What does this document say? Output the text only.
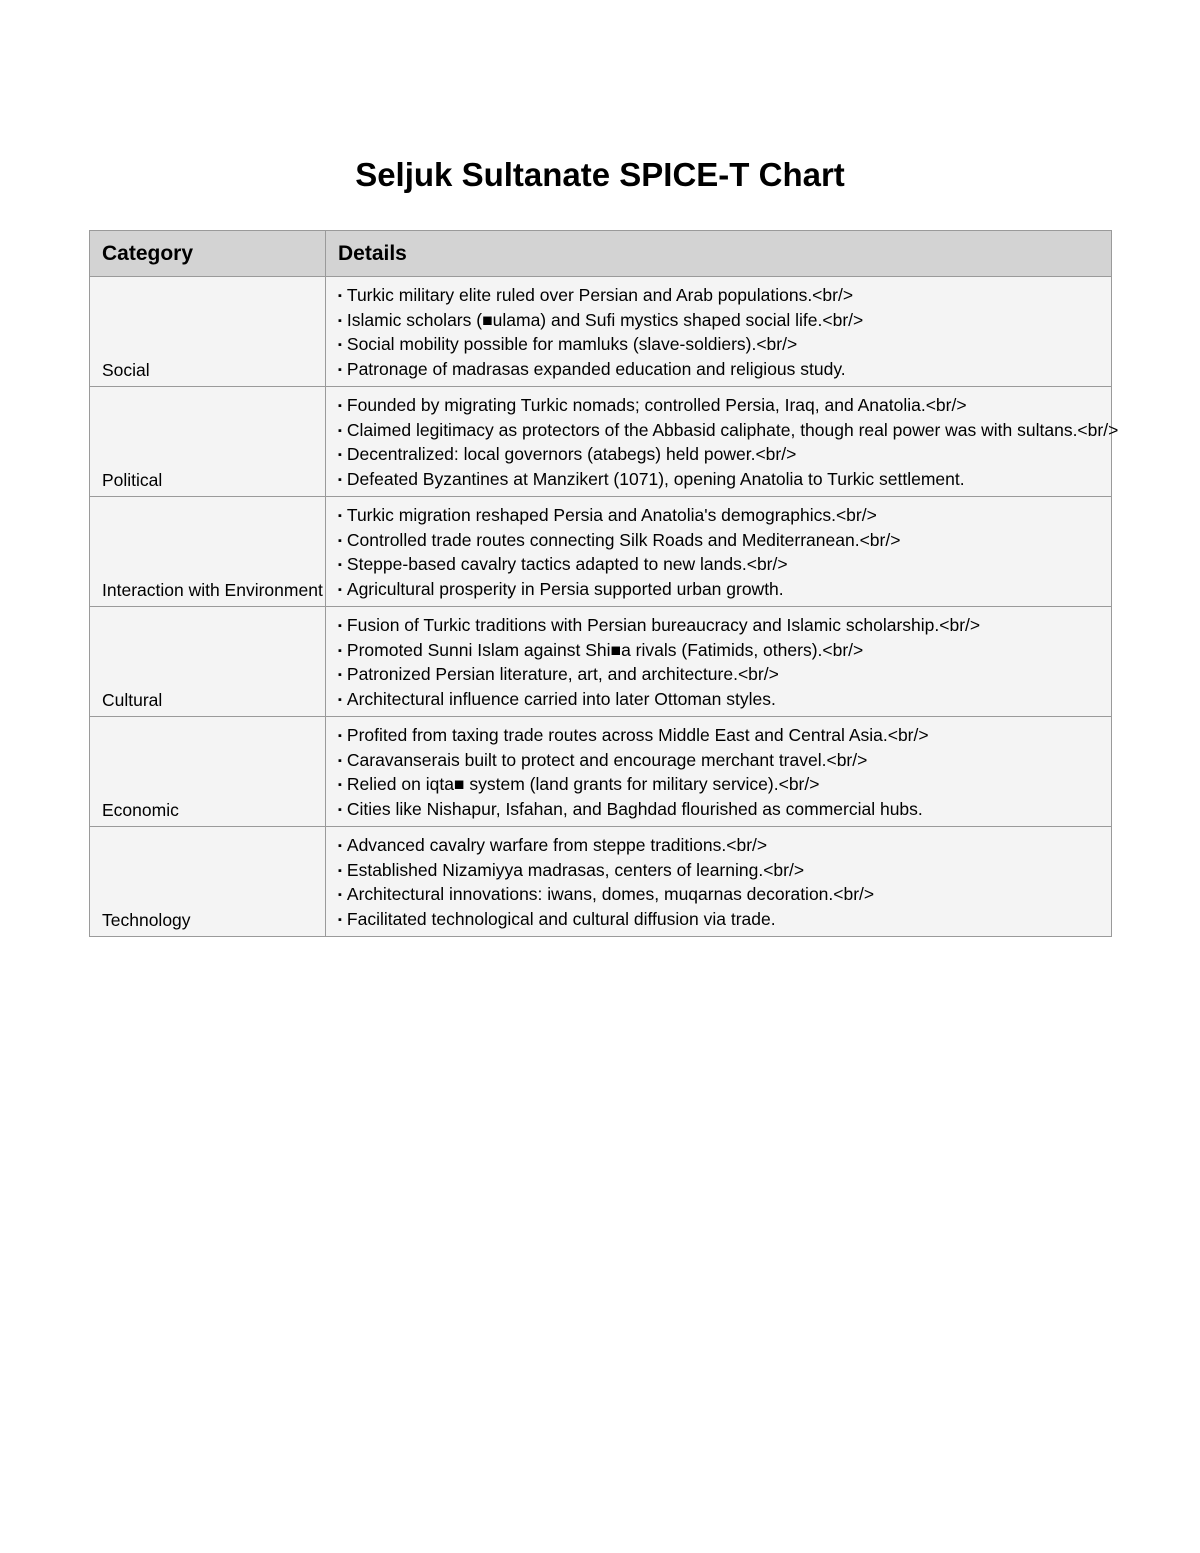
Seljuk Sultanate SPICE-T Chart
Category	Details
Social	▪ Turkic military elite ruled over Persian and Arab populations.<br/>
▪ Islamic scholars (■ulama) and Sufi mystics shaped social life.<br/>
▪ Social mobility possible for mamluks (slave-soldiers).<br/>
▪ Patronage of madrasas expanded education and religious study.

Political	▪ Founded by migrating Turkic nomads; controlled Persia, Iraq, and Anatolia.<br/>
▪ Claimed legitimacy as protectors of the Abbasid caliphate, though real power was with sultans.<br/>
▪ Decentralized: local governors (atabegs) held power.<br/>
▪ Defeated Byzantines at Manzikert (1071), opening Anatolia to Turkic settlement.

Interaction with Environment	▪ Turkic migration reshaped Persia and Anatolia's demographics.<br/>
▪ Controlled trade routes connecting Silk Roads and Mediterranean.<br/>
▪ Steppe-based cavalry tactics adapted to new lands.<br/>
▪ Agricultural prosperity in Persia supported urban growth.

Cultural	▪ Fusion of Turkic traditions with Persian bureaucracy and Islamic scholarship.<br/>
▪ Promoted Sunni Islam against Shi■a rivals (Fatimids, others).<br/>
▪ Patronized Persian literature, art, and architecture.<br/>
▪ Architectural influence carried into later Ottoman styles.

Economic	▪ Profited from taxing trade routes across Middle East and Central Asia.<br/>
▪ Caravanserais built to protect and encourage merchant travel.<br/>
▪ Relied on iqta■ system (land grants for military service).<br/>
▪ Cities like Nishapur, Isfahan, and Baghdad flourished as commercial hubs.

Technology	▪ Advanced cavalry warfare from steppe traditions.<br/>
▪ Established Nizamiyya madrasas, centers of learning.<br/>
▪ Architectural innovations: iwans, domes, muqarnas decoration.<br/>
▪ Facilitated technological and cultural diffusion via trade.
